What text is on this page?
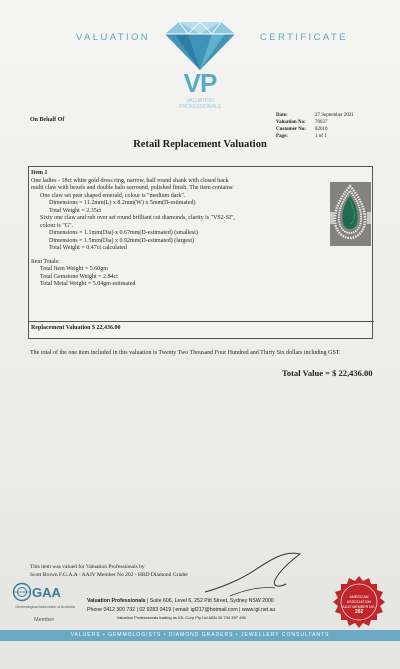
VALUATION	CERTIFICATE
VP
VALUATION
PROFESSIONALS
On Behalf Of
Date:	27 September 2021
Valuation No:	70637
Customer No:	82010
Page:	1 of 1
Retail Replacement Valuation
Item 1
One ladies - 18ct white gold dress ring, narrow, half round shank with closed back
multi claw with bezels and double halo surround, polished finish. The item contains:
One claw set pear shaped emerald, colour is "medium dark".
Dimensions = 11.2mm(L) x 8.2mm(W) x 5mm(D-estimated)
Total Weight = 2.35ct
Sixty one claw and rub over set round brilliant cut diamonds, clarity is "VS2-SI",
colour is "G".
Dimensions = 1.1mm(Dia) x 0.67mm(D-estimated) (smallest)
Dimensions = 1.5mm(Dia) x 0.92mm(D-estimated) (largest)
Total Weight = 0.47ct calculated
Item Totals:
Total Item Weight = 5.60gm
Total Gemstone Weight = 2.84ct
Total Metal Weight = 5.04gm estimated
Replacement Valuation $ 22,436.00
The total of the one item included in this valuation is Twenty Two Thousand Four Hundred and Thirty Six dollars including GST.
Total Value = $ 22,436.00
This item was valued for Valuation Professionals by
Scott Brown F.G.A.A - AAJV Member No 202 - HRD Diamond Grader
GAA
Gemmological Association of Australia
Member
Valuation Professionals | Suite 606, Level 6, 252 Pitt Street, Sydney NSW 2000
Phone 0412 300 732 | 02 9283 0419 | email: igl217@hotmail.com | www.igl.net.au
Valuation Professionals trading as IGL Corp Pty Ltd ABN 25 734 397 496
AMERICAN ASSOCIATION
AAJV MEMBER NO.
202
VALUERS • GEMMOLOGISTS • DIAMOND GRADERS • JEWELLERY CONSULTANTS
